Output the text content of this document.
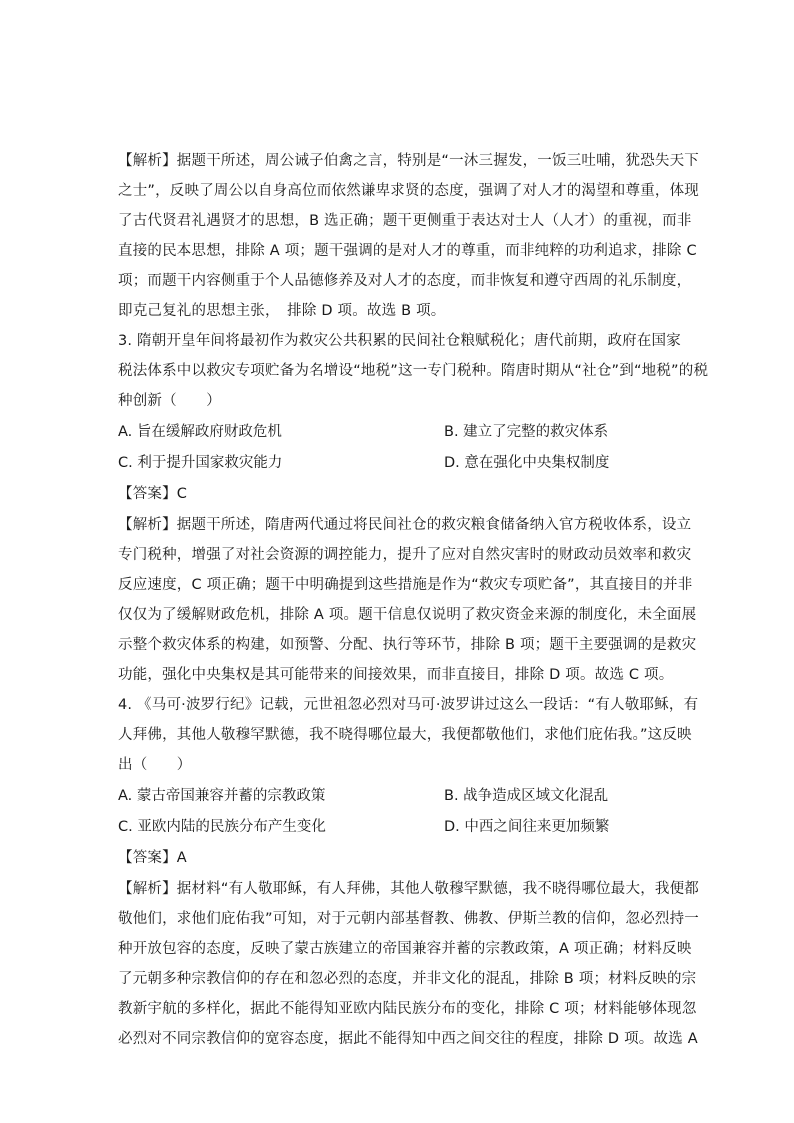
【解析】据题干所述，周公诫子伯禽之言，特别是“一沐三握发，一饭三吐哺，犹恐失天下
之士”，反映了周公以自身高位而依然谦卑求贤的态度，强调了对人才的渴望和尊重，体现
了古代贤君礼遇贤才的思想，B 选正确；题干更侧重于表达对士人（人才）的重视，而非
直接的民本思想，排除 A 项；题干强调的是对人才的尊重，而非纯粹的功利追求，排除 C
项；而题干内容侧重于个人品德修养及对人才的态度，而非恢复和遵守西周的礼乐制度，
即克己复礼的思想主张，　排除 D 项。故选 B 项。
3. 隋朝开皇年间将最初作为救灾公共积累的民间社仓粮赋税化；唐代前期，政府在国家
税法体系中以救灾专项贮备为名增设“地税”这一专门税种。隋唐时期从“社仓”到“地税”的税
种创新（　　）
A. 旨在缓解政府财政危机	B. 建立了完整的救灾体系
C. 利于提升国家救灾能力	D. 意在强化中央集权制度
【答案】C
【解析】据题干所述，隋唐两代通过将民间社仓的救灾粮食储备纳入官方税收体系，设立
专门税种，增强了对社会资源的调控能力，提升了应对自然灾害时的财政动员效率和救灾
反应速度，C 项正确；题干中明确提到这些措施是作为“救灾专项贮备”，其直接目的并非
仅仅为了缓解财政危机，排除 A 项。题干信息仅说明了救灾资金来源的制度化，未全面展
示整个救灾体系的构建，如预警、分配、执行等环节，排除 B 项；题干主要强调的是救灾
功能，强化中央集权是其可能带来的间接效果，而非直接目，排除 D 项。故选 C 项。
4. 《马可·波罗行纪》记载，元世祖忽必烈对马可·波罗讲过这么一段话：“有人敬耶稣，有
人拜佛，其他人敬穆罕默德，我不晓得哪位最大，我便都敬他们，求他们庇佑我。”这反映
出（　　）
A. 蒙古帝国兼容并蓄的宗教政策	B. 战争造成区域文化混乱
C. 亚欧内陆的民族分布产生变化	D. 中西之间往来更加频繁
【答案】A
【解析】据材料“有人敬耶稣，有人拜佛，其他人敬穆罕默德，我不晓得哪位最大，我便都
敬他们，求他们庇佑我”可知，对于元朝内部基督教、佛教、伊斯兰教的信仰，忽必烈持一
种开放包容的态度，反映了蒙古族建立的帝国兼容并蓄的宗教政策，A 项正确；材料反映
了元朝多种宗教信仰的存在和忽必烈的态度，并非文化的混乱，排除 B 项；材料反映的宗
教新宇航的多样化，据此不能得知亚欧内陆民族分布的变化，排除 C 项；材料能够体现忽
必烈对不同宗教信仰的宽容态度，据此不能得知中西之间交往的程度，排除 D 项。故选 A
